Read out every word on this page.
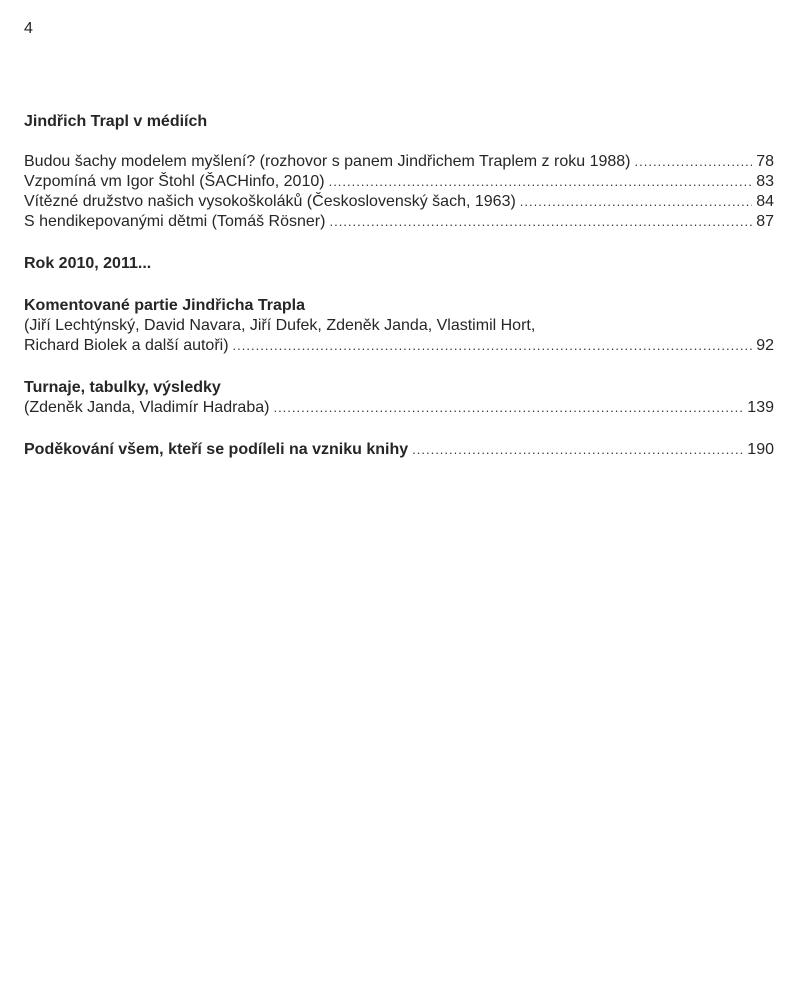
4
Jindřich Trapl v médiích
Budou šachy modelem myšlení? (rozhovor s panem Jindřichem Traplem z roku 1988) .....	78
Vzpomíná vm Igor Štohl (ŠACHinfo, 2010) .....	83
Vítězné družstvo našich vysokoškoláků (Československý šach, 1963) .....	84
S hendikepovanými dětmi (Tomáš Rösner) .....	87
Rok 2010, 2011...
Komentované partie Jindřicha Trapla
(Jiří Lechtýnský, David Navara, Jiří Dufek, Zdeněk Janda, Vlastimil Hort,
Richard Biolek a další autoři) .....	92
Turnaje, tabulky, výsledky
(Zdeněk Janda, Vladimír Hadraba) .....	139
Poděkování všem, kteří se podíleli na vzniku knihy .....	190
